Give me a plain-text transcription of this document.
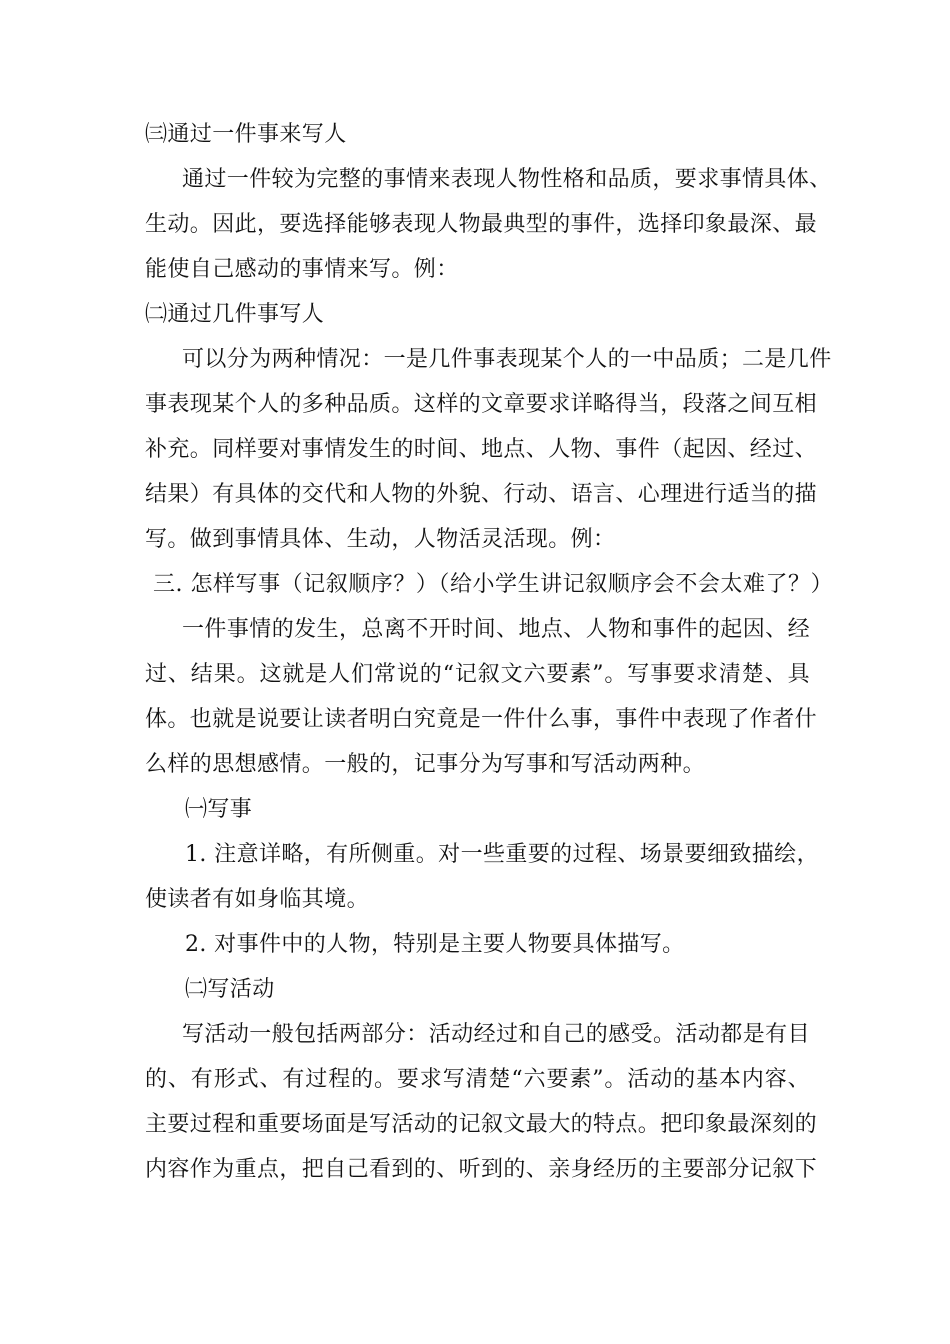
㈢通过一件事来写人
通过一件较为完整的事情来表现人物性格和品质，要求事情具体、
生动。因此，要选择能够表现人物最典型的事件，选择印象最深、最
能使自己感动的事情来写。例：
㈡通过几件事写人
可以分为两种情况：一是几件事表现某个人的一中品质；二是几件
事表现某个人的多种品质。这样的文章要求详略得当，段落之间互相
补充。同样要对事情发生的时间、地点、人物、事件（起因、经过、
结果）有具体的交代和人物的外貌、行动、语言、心理进行适当的描
写。做到事情具体、生动，人物活灵活现。例：
三. 怎样写事（记叙顺序？）（给小学生讲记叙顺序会不会太难了？）
一件事情的发生，总离不开时间、地点、人物和事件的起因、经
过、结果。这就是人们常说的“记叙文六要素”。写事要求清楚、具
体。也就是说要让读者明白究竟是一件什么事，事件中表现了作者什
么样的思想感情。一般的，记事分为写事和写活动两种。
㈠写事
1. 注意详略，有所侧重。对一些重要的过程、场景要细致描绘，
使读者有如身临其境。
2. 对事件中的人物，特别是主要人物要具体描写。
㈡写活动
写活动一般包括两部分：活动经过和自己的感受。活动都是有目
的、有形式、有过程的。要求写清楚“六要素”。活动的基本内容、
主要过程和重要场面是写活动的记叙文最大的特点。把印象最深刻的
内容作为重点，把自己看到的、听到的、亲身经历的主要部分记叙下
